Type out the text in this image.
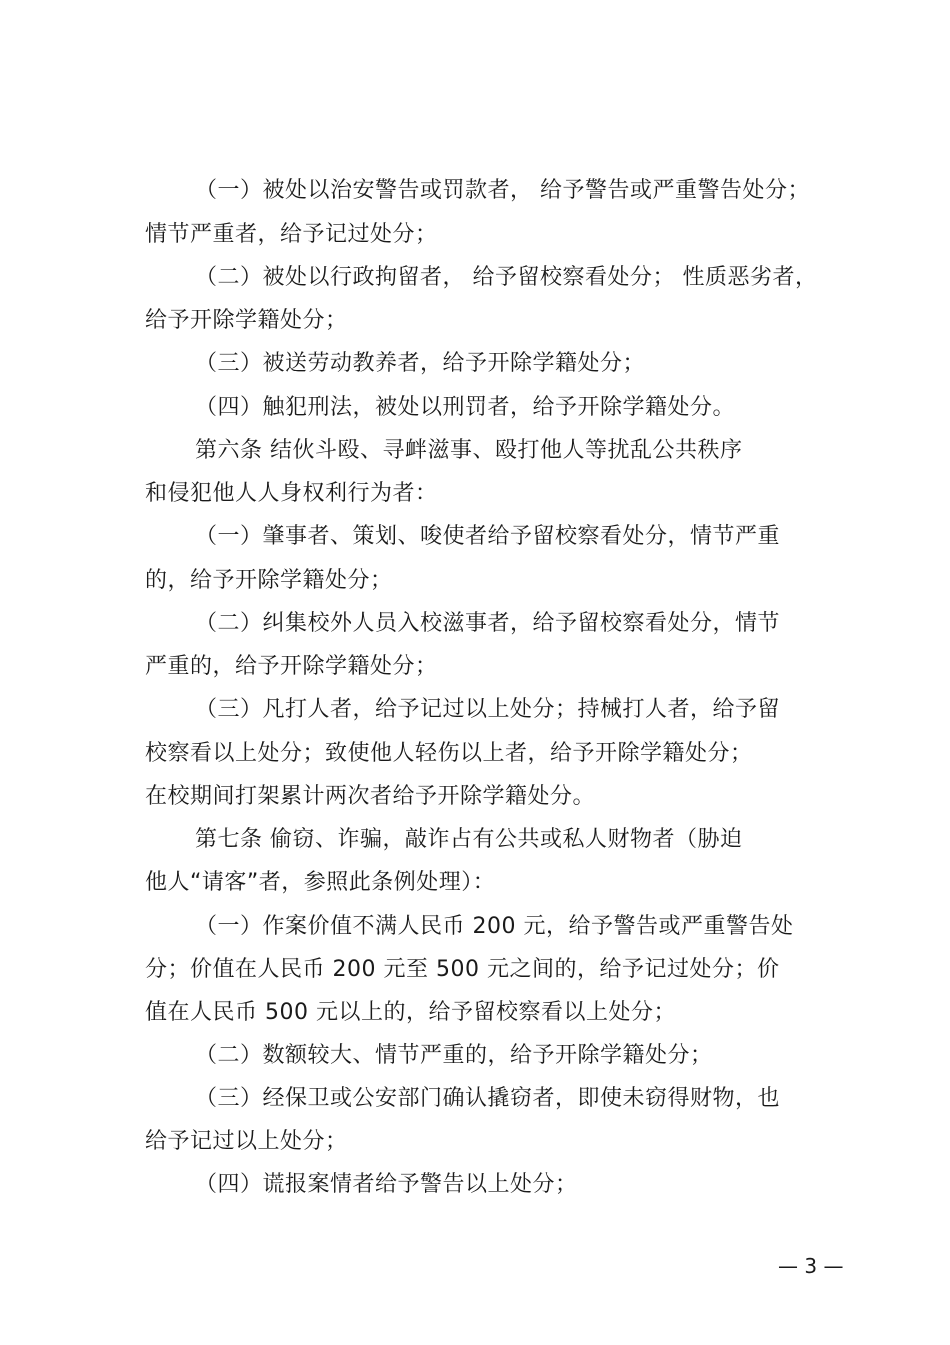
（一）被处以治安警告或罚款者， 给予警告或严重警告处分；
情节严重者，给予记过处分；
（二）被处以行政拘留者， 给予留校察看处分； 性质恶劣者，
给予开除学籍处分；
（三）被送劳动教养者，给予开除学籍处分；
（四）触犯刑法，被处以刑罚者，给予开除学籍处分。
第六条 结伙斗殴、寻衅滋事、殴打他人等扰乱公共秩序
和侵犯他人人身权利行为者：
（一）肇事者、策划、唆使者给予留校察看处分，情节严重
的，给予开除学籍处分；
（二）纠集校外人员入校滋事者，给予留校察看处分，情节
严重的，给予开除学籍处分；
（三）凡打人者，给予记过以上处分；持械打人者，给予留
校察看以上处分；致使他人轻伤以上者，给予开除学籍处分；
在校期间打架累计两次者给予开除学籍处分。
第七条 偷窃、诈骗，敲诈占有公共或私人财物者（胁迫
他人“请客”者，参照此条例处理）：
（一）作案价值不满人民币 200 元，给予警告或严重警告处
分；价值在人民币 200 元至 500 元之间的，给予记过处分；价
值在人民币 500 元以上的，给予留校察看以上处分；
（二）数额较大、情节严重的，给予开除学籍处分；
（三）经保卫或公安部门确认撬窃者，即使未窃得财物，也
给予记过以上处分；
（四）谎报案情者给予警告以上处分；
— 3 —
